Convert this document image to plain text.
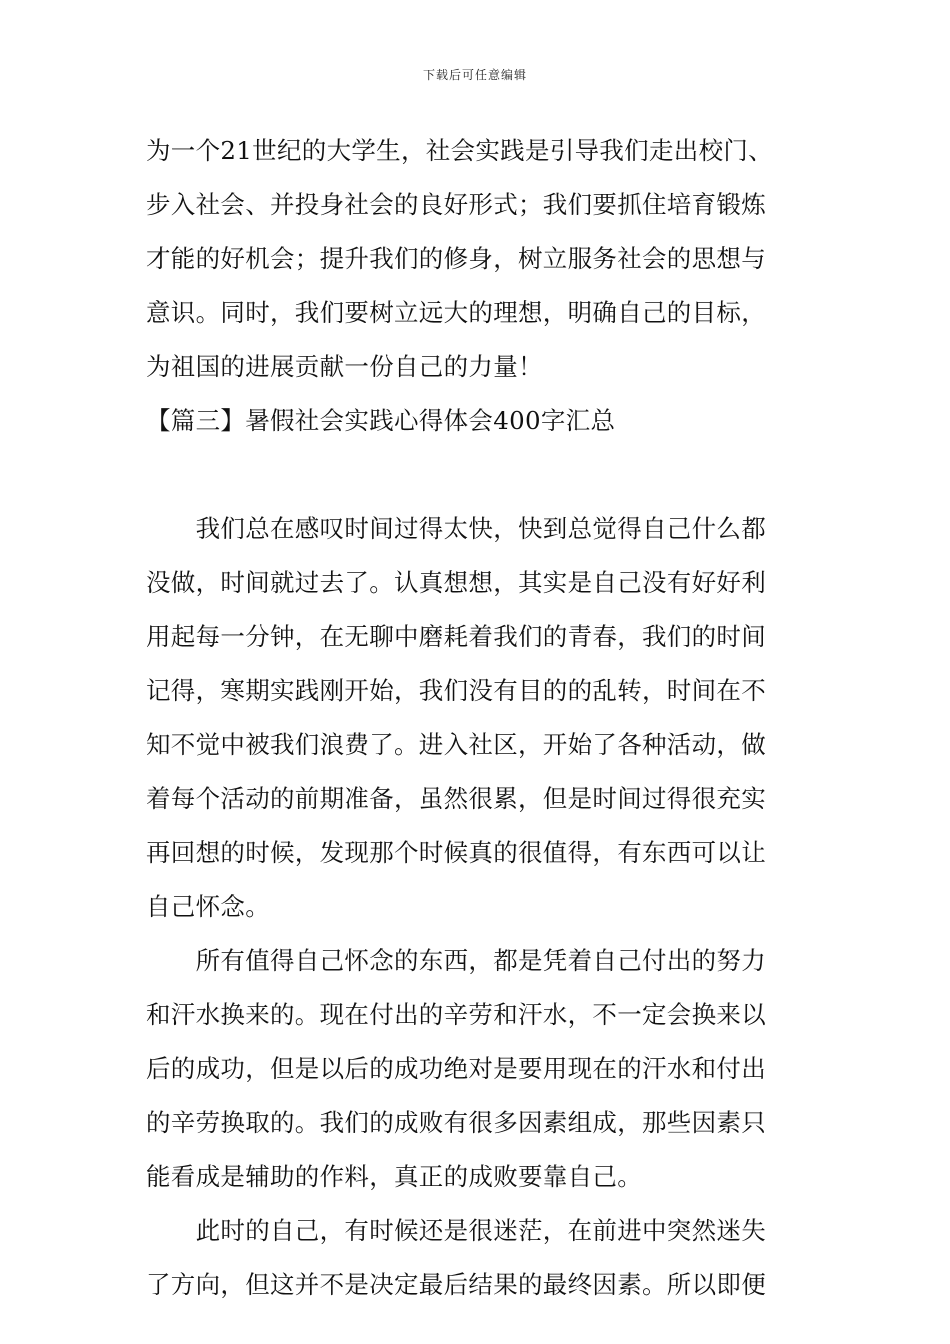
下载后可任意编辑
为一个21世纪的大学生，社会实践是引导我们走出校门、
步入社会、并投身社会的良好形式；我们要抓住培育锻炼
才能的好机会；提升我们的修身，树立服务社会的思想与
意识。同时，我们要树立远大的理想，明确自己的目标，
为祖国的进展贡献一份自己的力量！
【篇三】暑假社会实践心得体会400字汇总
　　我们总在感叹时间过得太快，快到总觉得自己什么都
没做，时间就过去了。认真想想，其实是自己没有好好利
用起每一分钟，在无聊中磨耗着我们的青春，我们的时间
记得，寒期实践刚开始，我们没有目的的乱转，时间在不
知不觉中被我们浪费了。进入社区，开始了各种活动，做
着每个活动的前期准备，虽然很累，但是时间过得很充实
再回想的时候，发现那个时候真的很值得，有东西可以让
自己怀念。
　　所有值得自己怀念的东西，都是凭着自己付出的努力
和汗水换来的。现在付出的辛劳和汗水，不一定会换来以
后的成功，但是以后的成功绝对是要用现在的汗水和付出
的辛劳换取的。我们的成败有很多因素组成，那些因素只
能看成是辅助的作料，真正的成败要靠自己。
　　此时的自己，有时候还是很迷茫，在前进中突然迷失
了方向，但这并不是决定最后结果的最终因素。所以即便
